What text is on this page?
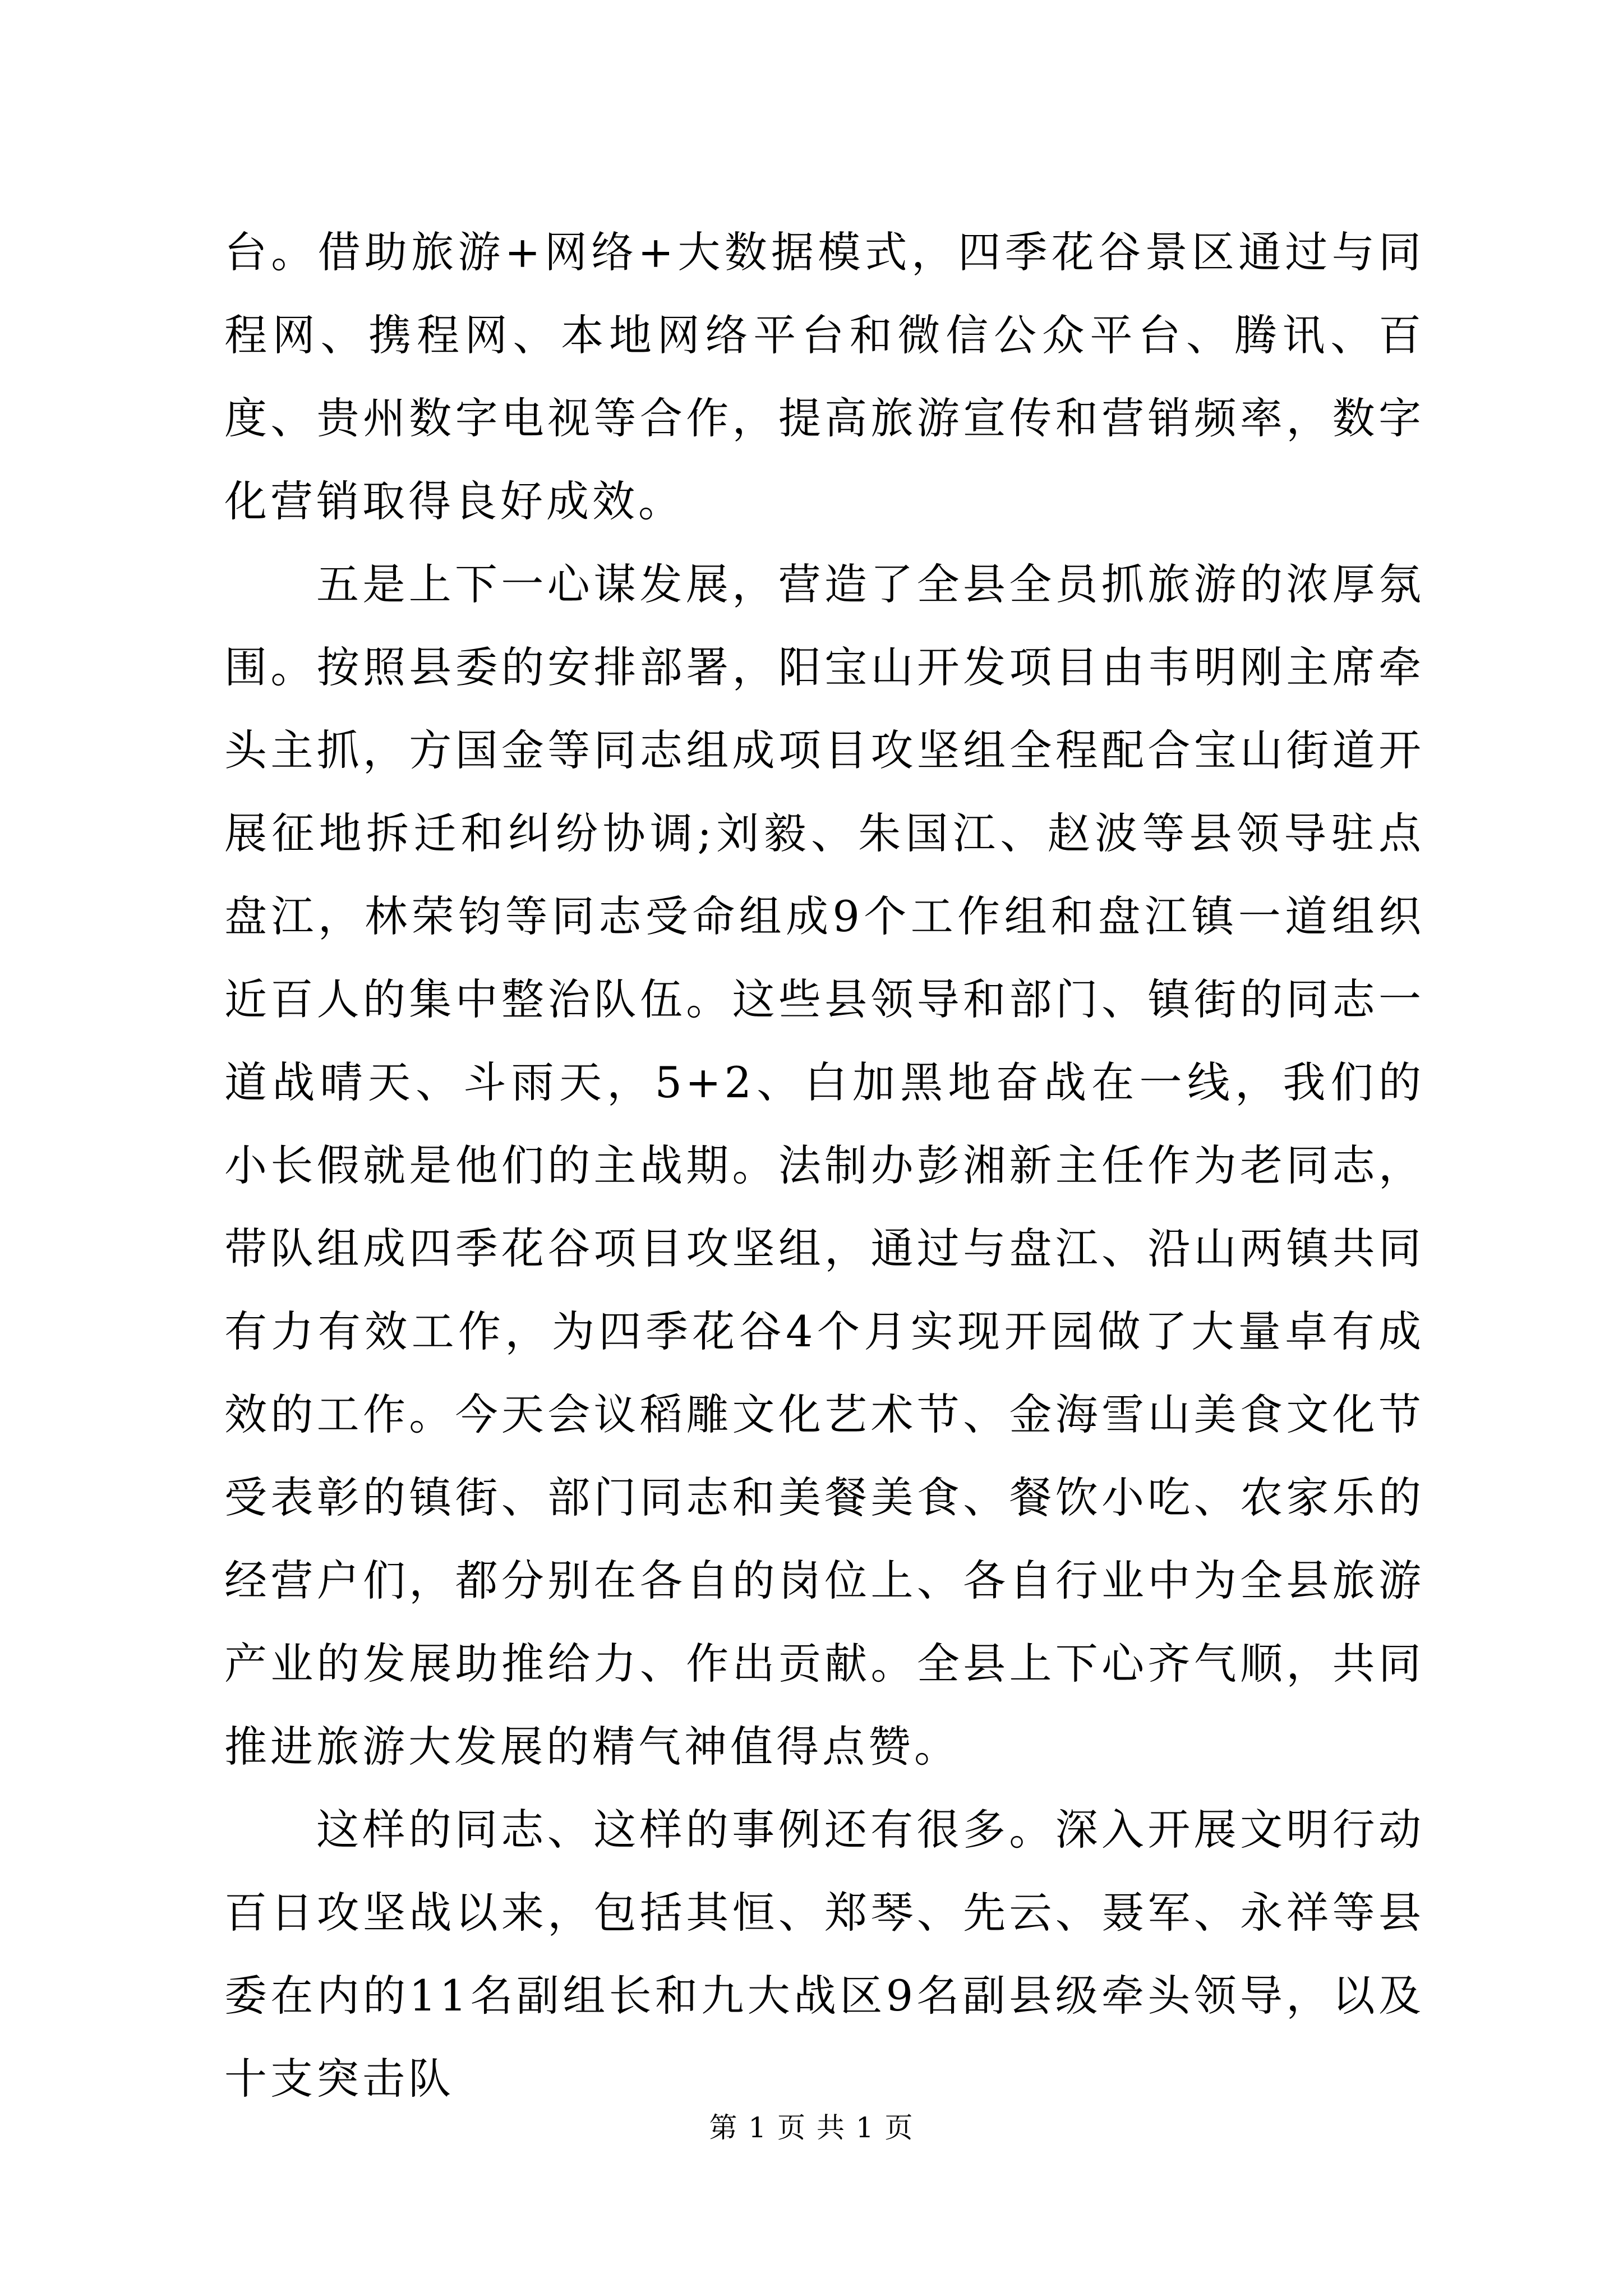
台。借助旅游+网络+大数据模式，四季花谷景区通过与同程网、携程网、本地网络平台和微信公众平台、腾讯、百度、贵州数字电视等合作，提高旅游宣传和营销频率，数字化营销取得良好成效。

五是上下一心谋发展，营造了全县全员抓旅游的浓厚氛围。按照县委的安排部署，阳宝山开发项目由韦明刚主席牵头主抓，方国金等同志组成项目攻坚组全程配合宝山街道开展征地拆迁和纠纷协调;刘毅、朱国江、赵波等县领导驻点盘江，林荣钧等同志受命组成9个工作组和盘江镇一道组织近百人的集中整治队伍。这些县领导和部门、镇街的同志一道战晴天、斗雨天，5+2、白加黑地奋战在一线，我们的小长假就是他们的主战期。法制办彭湘新主任作为老同志，带队组成四季花谷项目攻坚组，通过与盘江、沿山两镇共同有力有效工作，为四季花谷4个月实现开园做了大量卓有成效的工作。今天会议稻雕文化艺术节、金海雪山美食文化节受表彰的镇街、部门同志和美餐美食、餐饮小吃、农家乐的经营户们，都分别在各自的岗位上、各自行业中为全县旅游产业的发展助推给力、作出贡献。全县上下心齐气顺，共同推进旅游大发展的精气神值得点赞。

这样的同志、这样的事例还有很多。深入开展文明行动百日攻坚战以来，包括其恒、郑琴、先云、聂军、永祥等县委在内的11名副组长和九大战区9名副县级牵头领导，以及十支突击队

第 1 页 共 1 页
